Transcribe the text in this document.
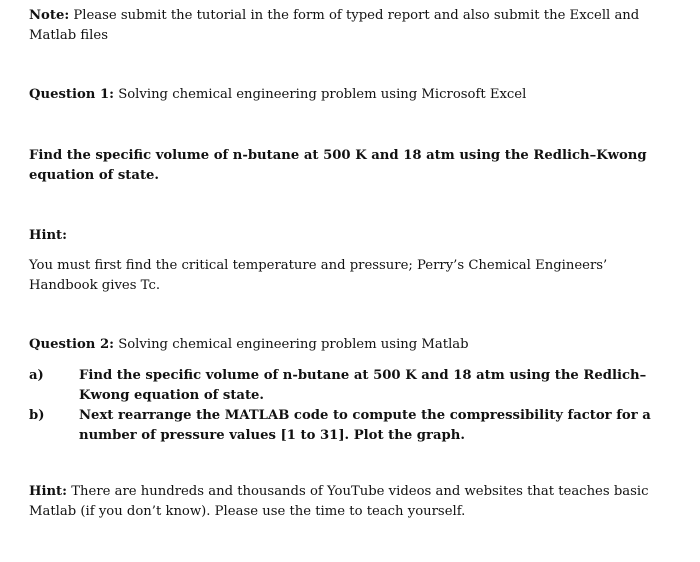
Note: Please submit the tutorial in the form of typed report and also submit the Excell and Matlab files

Question 1: Solving chemical engineering problem using Microsoft Excel

Find the specific volume of n-butane at 500 K and 18 atm using the Redlich–Kwong equation of state.

Hint:

You must first find the critical temperature and pressure; Perry’s Chemical Engineers’ Handbook gives Tc.

Question 2: Solving chemical engineering problem using Matlab

a)	Find the specific volume of n-butane at 500 K and 18 atm using the Redlich–Kwong equation of state.
b)	Next rearrange the MATLAB code to compute the compressibility factor for a number of pressure values [1 to 31]. Plot the graph.

Hint: There are hundreds and thousands of YouTube videos and websites that teaches basic Matlab (if you don’t know). Please use the time to teach yourself.
